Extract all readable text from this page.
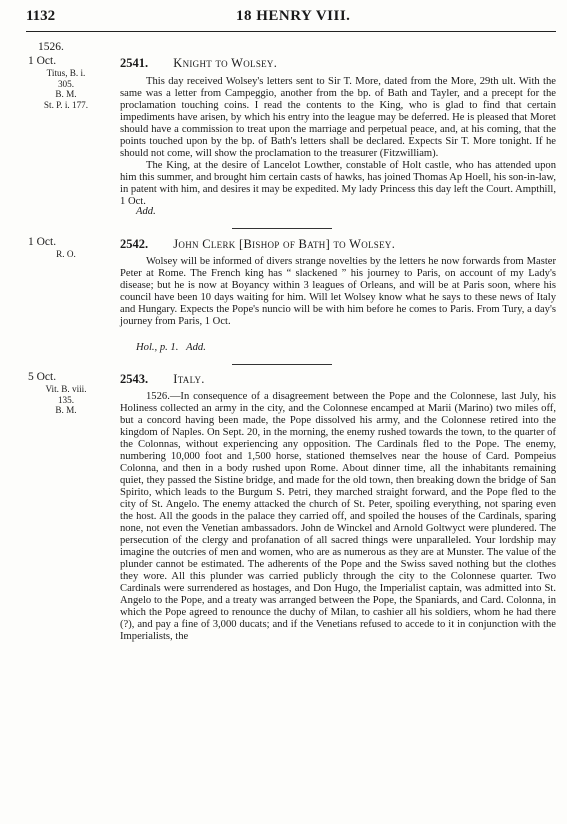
1132	18 HENRY VIII.
1526.
1 Oct.
Titus, B. i.
305.
B. M.
St. P. i. 177.
2541. Knight to Wolsey.

This day received Wolsey's letters sent to Sir T. More, dated from the More, 29th ult. With the same was a letter from Campeggio, another from the bp. of Bath and Tayler, and a precept for the proclamation touching coins. I read the contents to the King, who is glad to find that certain impediments have arisen, by which his entry into the league may be deferred. He is pleased that Moret should have a commission to treat upon the marriage and perpetual peace, and, at his coming, that the points touched upon by the bp. of Bath's letters shall be declared. Expects Sir T. More tonight. If he should not come, will show the proclamation to the treasurer (Fitzwilliam).

The King, at the desire of Lancelot Lowther, constable of Holt castle, who has attended upon him this summer, and brought him certain casts of hawks, has joined Thomas Ap Hoell, his son-in-law, in patent with him, and desires it may be expedited. My lady Princess this day left the Court. Ampthill, 1 Oct.

Add.
1 Oct.
R. O.
2542. John Clerk [Bishop of Bath] to Wolsey.

Wolsey will be informed of divers strange novelties by the letters he now forwards from Master Peter at Rome. The French king has “ slackened ” his journey to Paris, on account of my Lady's disease; but he is now at Boyancy within 3 leagues of Orleans, and will be at Paris soon, where his council have been 10 days waiting for him. Will let Wolsey know what he says to these news of Italy and Hungary. Expects the Pope's nuncio will be with him before he comes to Paris. From Tury, a day's journey from Paris, 1 Oct.

Hol., p. 1.   Add.
5 Oct.
Vit. B. viii.
135.
B. M.
2543. Italy.

1526.—In consequence of a disagreement between the Pope and the Colonnese, last July, his Holiness collected an army in the city, and the Colonnese encamped at Marii (Marino) two miles off, but a concord having been made, the Pope dissolved his army, and the Colonnese retired into the kingdom of Naples. On Sept. 20, in the morning, the enemy rushed towards the town, to the quarter of the Colonnas, without experiencing any opposition. The Cardinals fled to the Pope. The enemy, numbering 10,000 foot and 1,500 horse, stationed themselves near the house of Card. Pompeius Colonna, and then in a body rushed upon Rome. About dinner time, all the inhabitants remaining quiet, they passed the Sistine bridge, and made for the old town, then breaking down the bridge of San Spirito, which leads to the Burgum S. Petri, they marched straight forward, and the Pope fled to the city of St. Angelo. The enemy attacked the church of St. Peter, spoiling everything, not sparing even the host. All the goods in the palace they carried off, and spoiled the houses of the Cardinals, sparing none, not even the Venetian ambassadors. John de Winckel and Arnold Goltwyct were plundered. The persecution of the clergy and profanation of all sacred things were unparalleled. Your lordship may imagine the outcries of men and women, who are as numerous as they are at Munster. The value of the plunder cannot be estimated. The adherents of the Pope and the Swiss saved nothing but the clothes they wore. All this plunder was carried publicly through the city to the Colonnese quarter. Two Cardinals were surrendered as hostages, and Don Hugo, the Imperialist captain, was admitted into St. Angelo to the Pope, and a treaty was arranged between the Pope, the Spaniards, and Card. Colonna, in which the Pope agreed to renounce the duchy of Milan, to cashier all his soldiers, whom he had there (?), and pay a fine of 3,000 ducats; and if the Venetians refused to accede to it in conjunction with the Imperialists, the
